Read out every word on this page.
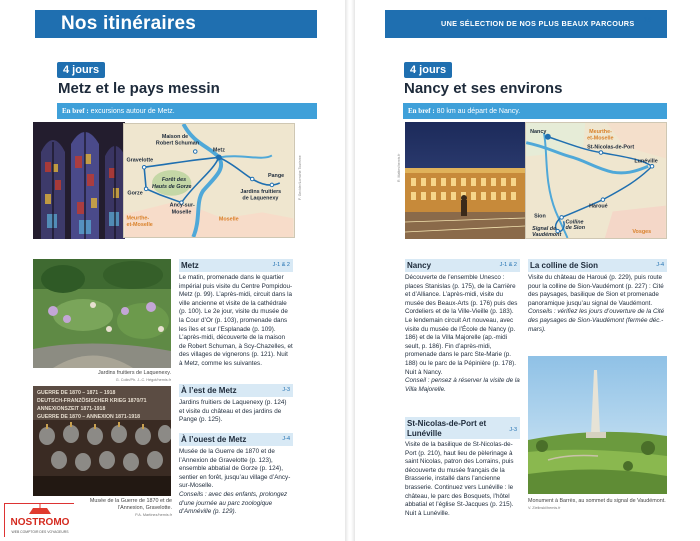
Nos itinéraires
4 jours
Metz et le pays messin
En bref : excursions autour de Metz.
Maison de
Robert Schuman
Metz
Gravelotte
Forêt des
Hauts de Gorze
Gorze
Ancy-sur-
Moselle
Jardins fruitiers
de Laquenexy
Pange
Meurthe-
et-Moselle
Moselle
F. Geckler/Lorraine Tourisme
Jardins fruitiers de Laquenexy.
G. Colin/Ph. J.-C. Hégot/hemis.fr
GUERRE DE 1870 – 1871 – 1918
DEUTSCH-FRANZÖSISCHER KRIEG 1870/71
ANNEXIONSZEIT 1871-1918
GUERRE DE 1870 – ANNEXION 1871-1918
Musée de la Guerre de 1870 et de l’Annexion, Gravelotte.
P.A. Martinez/hemis.fr
Metz	J-1 & 2
Le matin, promenade dans le quartier impérial puis visite du Centre Pompidou-Metz (p. 99). L’après-midi, circuit dans la ville ancienne et visite de la cathédrale (p. 100). Le 2e jour, visite du musée de la Cour d’Or (p. 103), promenade dans les îles et sur l’Esplanade (p. 109). L’après-midi, découverte de la maison de Robert Schuman, à Scy-Chazelles, et des villages de vignerons (p. 121). Nuit à Metz, comme les suivantes.
À l’est de Metz	J-3
Jardins fruitiers de Laquenexy (p. 124) et visite du château et des jardins de Pange (p. 125).
À l’ouest de Metz	J-4
Musée de la Guerre de 1870 et de l’Annexion de Gravelotte (p. 123), ensemble abbatial de Gorze (p. 124), sentier en forêt, jusqu’au village d’Ancy-sur-Moselle.
Conseils : avec des enfants, prolongez d’une journée au parc zoologique d’Amnéville (p. 129).
NOSTROMO
WEB COMPTOIR DES VOYAGEURS
UNE SÉLECTION DE NOS PLUS BEAUX PARCOURS 19
4 jours
Nancy et ses environs
En bref : 80 km au départ de Nancy.
R. Mattes/hemis.fr
Nancy	Meurthe-
et-Moselle
St-Nicolas-de-Port
Lunéville
Haroué
Sion
Colline
de Sion
Signal de
Vaudémont	Vosges
Nancy	J-1 & 2
Découverte de l’ensemble Unesco : places Stanislas (p. 175), de la Carrière et d’Alliance. L’après-midi, visite du musée des Beaux-Arts (p. 176) puis des Cordeliers et de la Ville-Vieille (p. 183). Le lendemain circuit Art nouveau, avec visite du musée de l’École de Nancy (p. 186) et de la Villa Majorelle (ap.-midi seult, p. 186). Fin d’après-midi, promenade dans le parc Ste-Marie (p. 188) ou le parc de la Pépinière (p. 178). Nuit à Nancy.
Conseil : pensez à réserver la visite de la Villa Majorelle.
St-Nicolas-de-Port et Lunéville	J-3
Visite de la basilique de St-Nicolas-de-Port (p. 210), haut lieu de pèlerinage à saint Nicolas, patron des Lorrains, puis découverte du musée français de la Brasserie, installé dans l’ancienne brasserie. Continuez vers Lunéville : le château, le parc des Bosquets, l’hôtel abbatial et l’église St-Jacques (p. 215). Nuit à Lunéville.
La colline de Sion	J-4
Visite du château de Haroué (p. 229), puis route pour la colline de Sion-Vaudémont (p. 227) : Cité des paysages, basilique de Sion et promenade panoramique jusqu’au signal de Vaudémont.
Conseils : vérifiez les jours d’ouverture de la Cité des paysages de Sion-Vaudémont (fermée déc.-mars).
Monument à Barrès, au sommet du signal de Vaudémont.
V. Zielinski/hemis.fr
